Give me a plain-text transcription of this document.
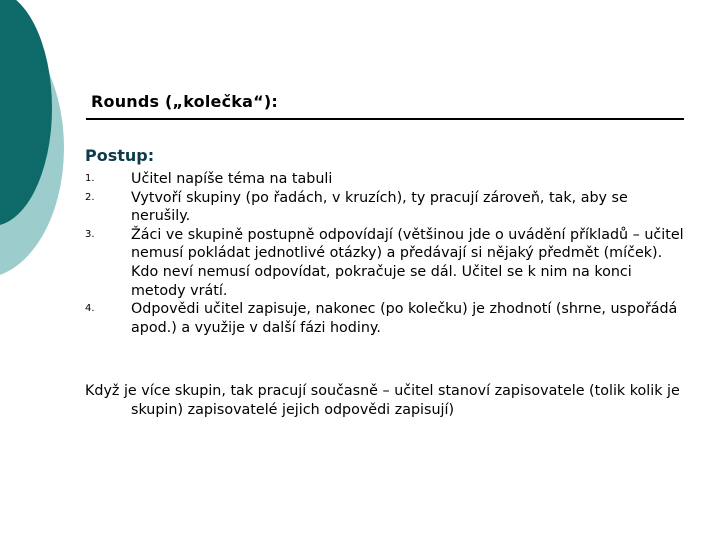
Rounds („kolečka“):
Postup:
1.	Učitel napíše téma na tabuli
2.	Vytvoří skupiny (po řadách, v kruzích), ty pracují zároveň, tak, aby se nerušily.
3.	Žáci ve skupině postupně odpovídají (většinou jde o uvádění příkladů – učitel nemusí pokládat jednotlivé otázky) a předávají si nějaký předmět (míček). Kdo neví nemusí odpovídat, pokračuje se dál. Učitel se k nim na konci metody vrátí.
4.	Odpovědi učitel zapisuje, nakonec (po kolečku) je zhodnotí (shrne, uspořádá apod.) a využije v další fázi hodiny.
Když je více skupin, tak pracují současně – učitel stanoví zapisovatele (tolik kolik je skupin) zapisovatelé jejich odpovědi zapisují)
